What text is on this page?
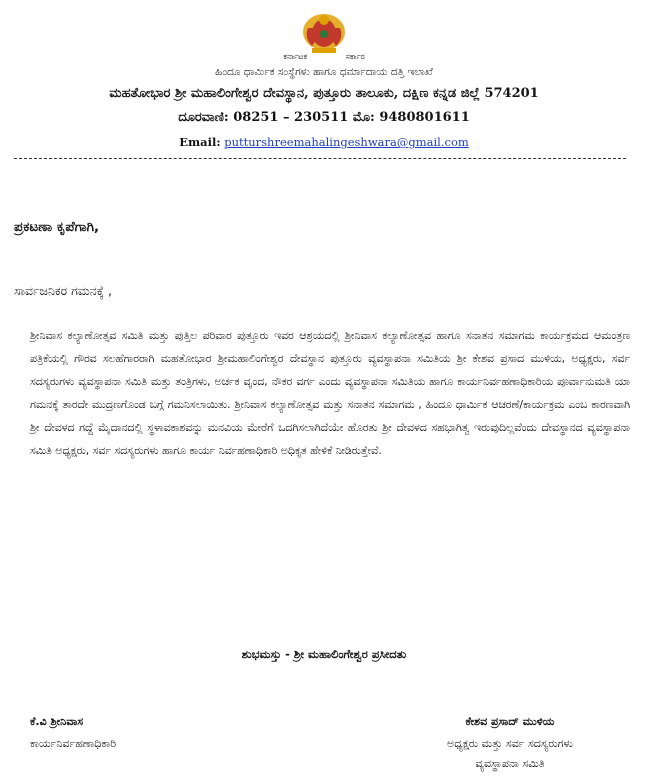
ಕರ್ನಾಟಕ	ಸರ್ಕಾರ
ಹಿಂದೂ ಧಾರ್ಮಿಕ ಸಂಸ್ಥೆಗಳು ಹಾಗೂ ಧರ್ಮಾದಾಯ ದತ್ತಿ ಇಲಾಖೆ
ಮಹತೋಭಾರ ಶ್ರೀ ಮಹಾಲಿಂಗೇಶ್ವರ ದೇವಸ್ಥಾನ, ಪುತ್ತೂರು ತಾಲೂಕು, ದಕ್ಷಿಣ ಕನ್ನಡ ಜಿಲ್ಲೆ 574201
ದೂರವಾಣಿ: 08251 – 230511 ಮೊ: 9480801611
Email: putturshreemahalingeshwara@gmail.com
ಪ್ರಕಟಣಾ ಕೃಪೆಗಾಗಿ,
ಸಾರ್ವಜನಿಕರ ಗಮನಕ್ಕೆ ,
ಶ್ರೀನಿವಾಸ ಕಲ್ಯಾಣೋತ್ಸವ ಸಮಿತಿ ಮತ್ತು ಪುತ್ತಿಲ ಪರಿವಾರ ಪುತ್ತೂರು ಇವರ ಆಶ್ರಯದಲ್ಲಿ ಶ್ರೀನಿವಾಸ ಕಲ್ಯಾಣೋತ್ಸವ ಹಾಗೂ ಸನಾತನ ಸಮಾಗಮ ಕಾರ್ಯಕ್ರಮದ ಆಮಂತ್ರಣ ಪತ್ರಿಕೆಯಲ್ಲಿ ಗೌರವ ಸಲಹೆಗಾರರಾಗಿ ಮಹತೋಭಾರ ಶ್ರೀಮಹಾಲಿಂಗೇಶ್ವರ ದೇವಸ್ಥಾನ ಪುತ್ತೂರು ವ್ಯವಸ್ಥಾಪನಾ ಸಮಿತಿಯ ಶ್ರೀ ಕೇಶವ ಪ್ರಸಾದ ಮುಳಿಯ, ಅಧ್ಯಕ್ಷರು, ಸರ್ವ ಸದಸ್ಯರುಗಳು ವ್ಯವಸ್ಥಾಪನಾ ಸಮಿತಿ ಮತ್ತು ತಂತ್ರಿಗಳು, ಅರ್ಚಕ ವೃಂದ, ನೌಕರ ವರ್ಗ ಎಂದು ವ್ಯವಸ್ಥಾಪನಾ ಸಮಿತಿಯ ಹಾಗೂ ಕಾರ್ಯನಿರ್ವಹಣಾಧಿಕಾರಿಯ ಪೂರ್ವಾನುಮತಿ ಯಾ ಗಮನಕ್ಕೆ ತಾರದೇ ಮುದ್ರಣಗೊಂಡ ಬಗ್ಗೆ ಗಮನಿಸಲಾಯಿತು. ಶ್ರೀನಿವಾಸ ಕಲ್ಯಾಣೋತ್ಸವ ಮತ್ತು ಸನಾತನ ಸಮಾಗಮ , ಹಿಂದೂ ಧಾರ್ಮಿಕ ಆಚರಣೆ/ಕಾರ್ಯಕ್ರಮ ಎಂಬ ಕಾರಣವಾಗಿ ಶ್ರೀ ದೇವಳದ ಗದ್ದೆ ಮೈದಾನದಲ್ಲಿ ಸ್ಥಳಾವಕಾಶವನ್ನು ಮನವಿಯ ಮೇರೆಗೆ ಒದಗಿಸಲಾಗಿದೆಯೇ ಹೊರತು ಶ್ರೀ ದೇವಳದ ಸಹಭಾಗಿತ್ವ ಇರುವುದಿಲ್ಲವೆಂದು ದೇವಸ್ಥಾನದ ವ್ಯವಸ್ಥಾಪನಾ ಸಮಿತಿ ಅಧ್ಯಕ್ಷರು, ಸರ್ವ ಸದಸ್ಯರುಗಳು ಹಾಗೂ ಕಾರ್ಯ ನಿರ್ವಹಣಾಧಿಕಾರಿ ಅಧಿಕೃತ ಹೇಳಿಕೆ ನೀಡಿರುತ್ತೇವೆ.
ಶುಭಮಸ್ತು - ಶ್ರೀ ಮಹಾಲಿಂಗೇಶ್ವರ ಪ್ರಸೀದತು
ಕೆ.ವಿ ಶ್ರೀನಿವಾಸ
ಕಾರ್ಯನಿರ್ವಹಣಾಧಿಕಾರಿ
ಕೇಶವ ಪ್ರಸಾದ್ ಮುಳಿಯ
ಅಧ್ಯಕ್ಷರು ಮತ್ತು ಸರ್ವ ಸದಸ್ಯರುಗಳು
ವ್ಯವಸ್ಥಾಪನಾ ಸಮಿತಿ
